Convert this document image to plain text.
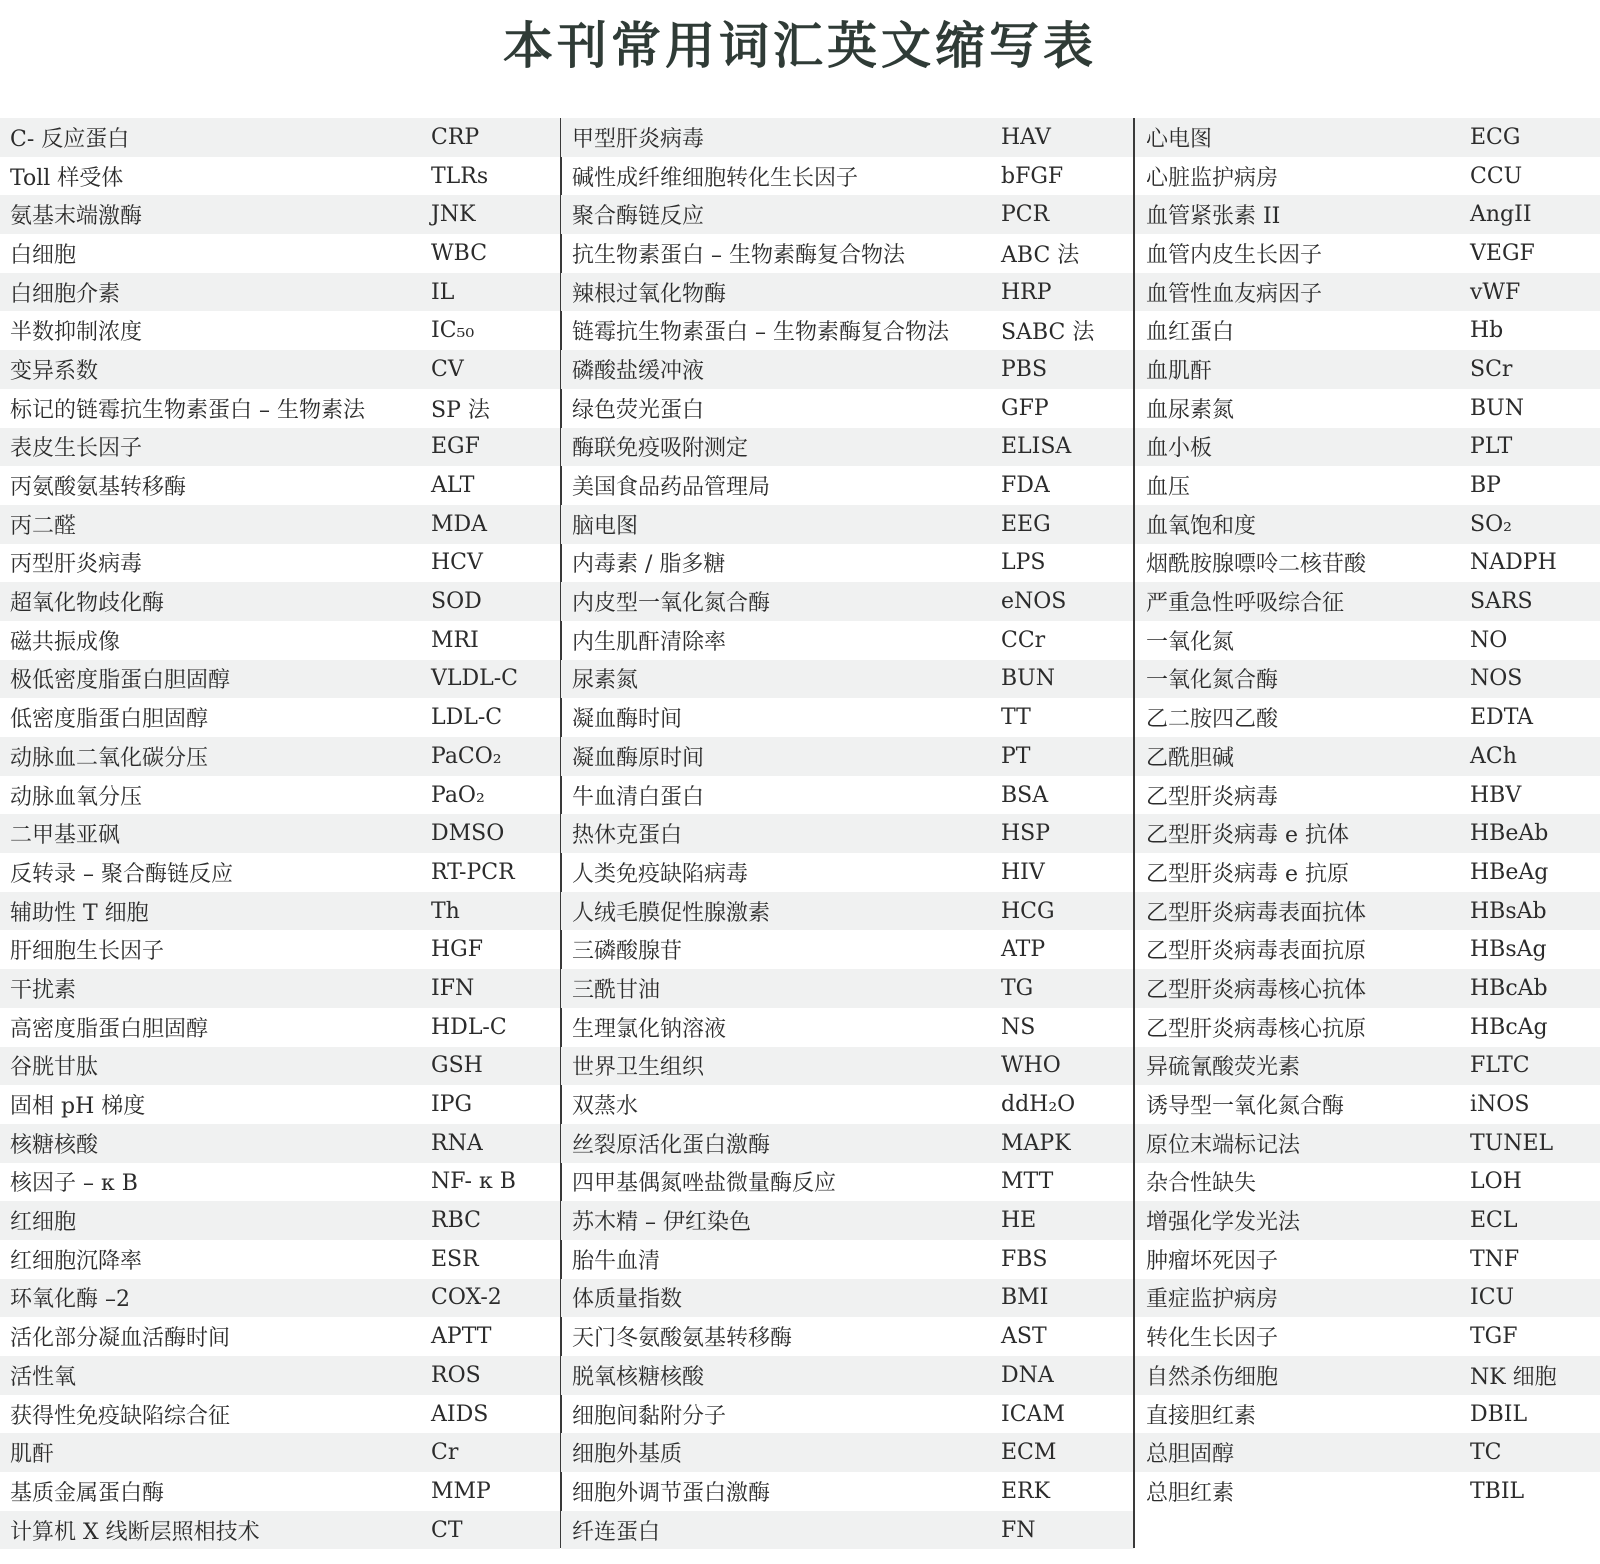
本刊常用词汇英文缩写表
C- 反应蛋白	CRP
Toll 样受体	TLRs
氨基末端激酶	JNK
白细胞	WBC
白细胞介素	IL
半数抑制浓度	IC₅₀
变异系数	CV
标记的链霉抗生物素蛋白 – 生物素法	SP 法
表皮生长因子	EGF
丙氨酸氨基转移酶	ALT
丙二醛	MDA
丙型肝炎病毒	HCV
超氧化物歧化酶	SOD
磁共振成像	MRI
极低密度脂蛋白胆固醇	VLDL-C
低密度脂蛋白胆固醇	LDL-C
动脉血二氧化碳分压	PaCO₂
动脉血氧分压	PaO₂
二甲基亚砜	DMSO
反转录 – 聚合酶链反应	RT-PCR
辅助性 T 细胞	Th
肝细胞生长因子	HGF
干扰素	IFN
高密度脂蛋白胆固醇	HDL-C
谷胱甘肽	GSH
固相 pH 梯度	IPG
核糖核酸	RNA
核因子 – κ B	NF- κ B
红细胞	RBC
红细胞沉降率	ESR
环氧化酶 –2	COX-2
活化部分凝血活酶时间	APTT
活性氧	ROS
获得性免疫缺陷综合征	AIDS
肌酐	Cr
基质金属蛋白酶	MMP
计算机 X 线断层照相技术	CT
甲型肝炎病毒	HAV
碱性成纤维细胞转化生长因子	bFGF
聚合酶链反应	PCR
抗生物素蛋白 – 生物素酶复合物法	ABC 法
辣根过氧化物酶	HRP
链霉抗生物素蛋白 – 生物素酶复合物法	SABC 法
磷酸盐缓冲液	PBS
绿色荧光蛋白	GFP
酶联免疫吸附测定	ELISA
美国食品药品管理局	FDA
脑电图	EEG
内毒素 / 脂多糖	LPS
内皮型一氧化氮合酶	eNOS
内生肌酐清除率	CCr
尿素氮	BUN
凝血酶时间	TT
凝血酶原时间	PT
牛血清白蛋白	BSA
热休克蛋白	HSP
人类免疫缺陷病毒	HIV
人绒毛膜促性腺激素	HCG
三磷酸腺苷	ATP
三酰甘油	TG
生理氯化钠溶液	NS
世界卫生组织	WHO
双蒸水	ddH₂O
丝裂原活化蛋白激酶	MAPK
四甲基偶氮唑盐微量酶反应	MTT
苏木精 – 伊红染色	HE
胎牛血清	FBS
体质量指数	BMI
天门冬氨酸氨基转移酶	AST
脱氧核糖核酸	DNA
细胞间黏附分子	ICAM
细胞外基质	ECM
细胞外调节蛋白激酶	ERK
纤连蛋白	FN
心电图	ECG
心脏监护病房	CCU
血管紧张素 II	AngII
血管内皮生长因子	VEGF
血管性血友病因子	vWF
血红蛋白	Hb
血肌酐	SCr
血尿素氮	BUN
血小板	PLT
血压	BP
血氧饱和度	SO₂
烟酰胺腺嘌呤二核苷酸	NADPH
严重急性呼吸综合征	SARS
一氧化氮	NO
一氧化氮合酶	NOS
乙二胺四乙酸	EDTA
乙酰胆碱	ACh
乙型肝炎病毒	HBV
乙型肝炎病毒 e 抗体	HBeAb
乙型肝炎病毒 e 抗原	HBeAg
乙型肝炎病毒表面抗体	HBsAb
乙型肝炎病毒表面抗原	HBsAg
乙型肝炎病毒核心抗体	HBcAb
乙型肝炎病毒核心抗原	HBcAg
异硫氰酸荧光素	FLTC
诱导型一氧化氮合酶	iNOS
原位末端标记法	TUNEL
杂合性缺失	LOH
增强化学发光法	ECL
肿瘤坏死因子	TNF
重症监护病房	ICU
转化生长因子	TGF
自然杀伤细胞	NK 细胞
直接胆红素	DBIL
总胆固醇	TC
总胆红素	TBIL
